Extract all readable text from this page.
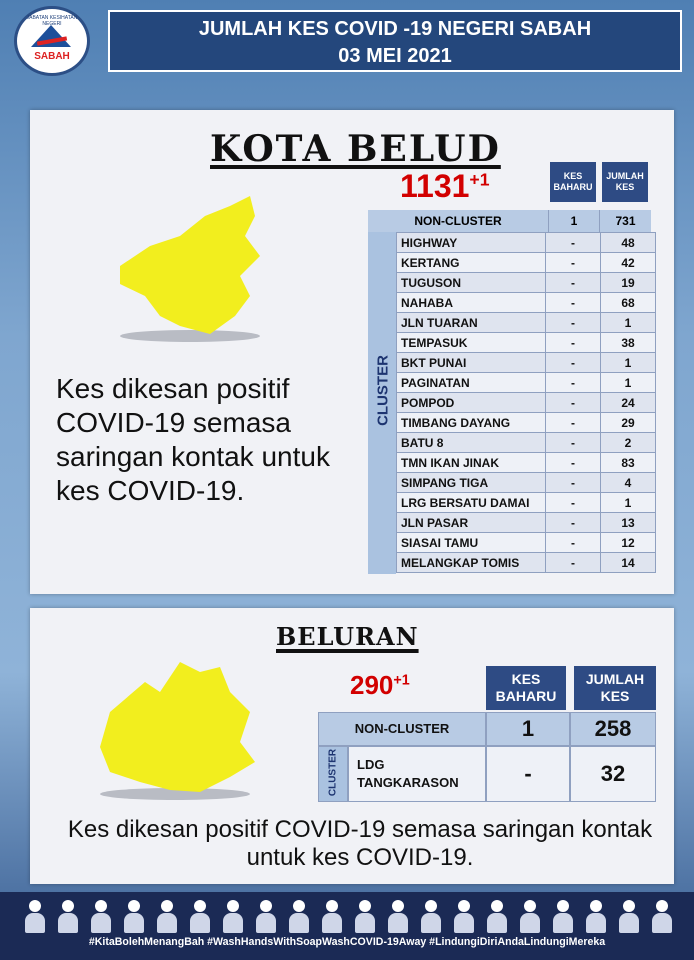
JABATAN KESIHATAN NEGERI
SABAH
JUMLAH KES COVID -19 NEGERI SABAH
03 MEI 2021
KOTA BELUD
$1131^{+1}$
Kes dikesan positif COVID-19 semasa saringan kontak untuk kes COVID-19.
KES BAHARU
JUMLAH KES
NON-CLUSTER	1	731
CLUSTER
HIGHWAY	-	48
KERTANG	-	42
TUGUSON	-	19
NAHABA	-	68
JLN TUARAN	-	1
TEMPASUK	-	38
BKT PUNAI	-	1
PAGINATAN	-	1
POMPOD	-	24
TIMBANG DAYANG	-	29
BATU 8	-	2
TMN IKAN JINAK	-	83
SIMPANG TIGA	-	4
LRG BERSATU DAMAI	-	1
JLN PASAR	-	13
SIASAI TAMU	-	12
MELANGKAP TOMIS	-	14
BELURAN
$290^{+1}$	KES BAHARU
JUMLAH KES
NON-CLUSTER	1	258
CLUSTER	LDG TANGKARASON	-	32
Kes dikesan positif COVID-19 semasa saringan kontak untuk kes COVID-19.
#KitaBolehMenangBah #WashHandsWithSoapWashCOVID-19Away #LindungiDiriAndaLindungiMereka
